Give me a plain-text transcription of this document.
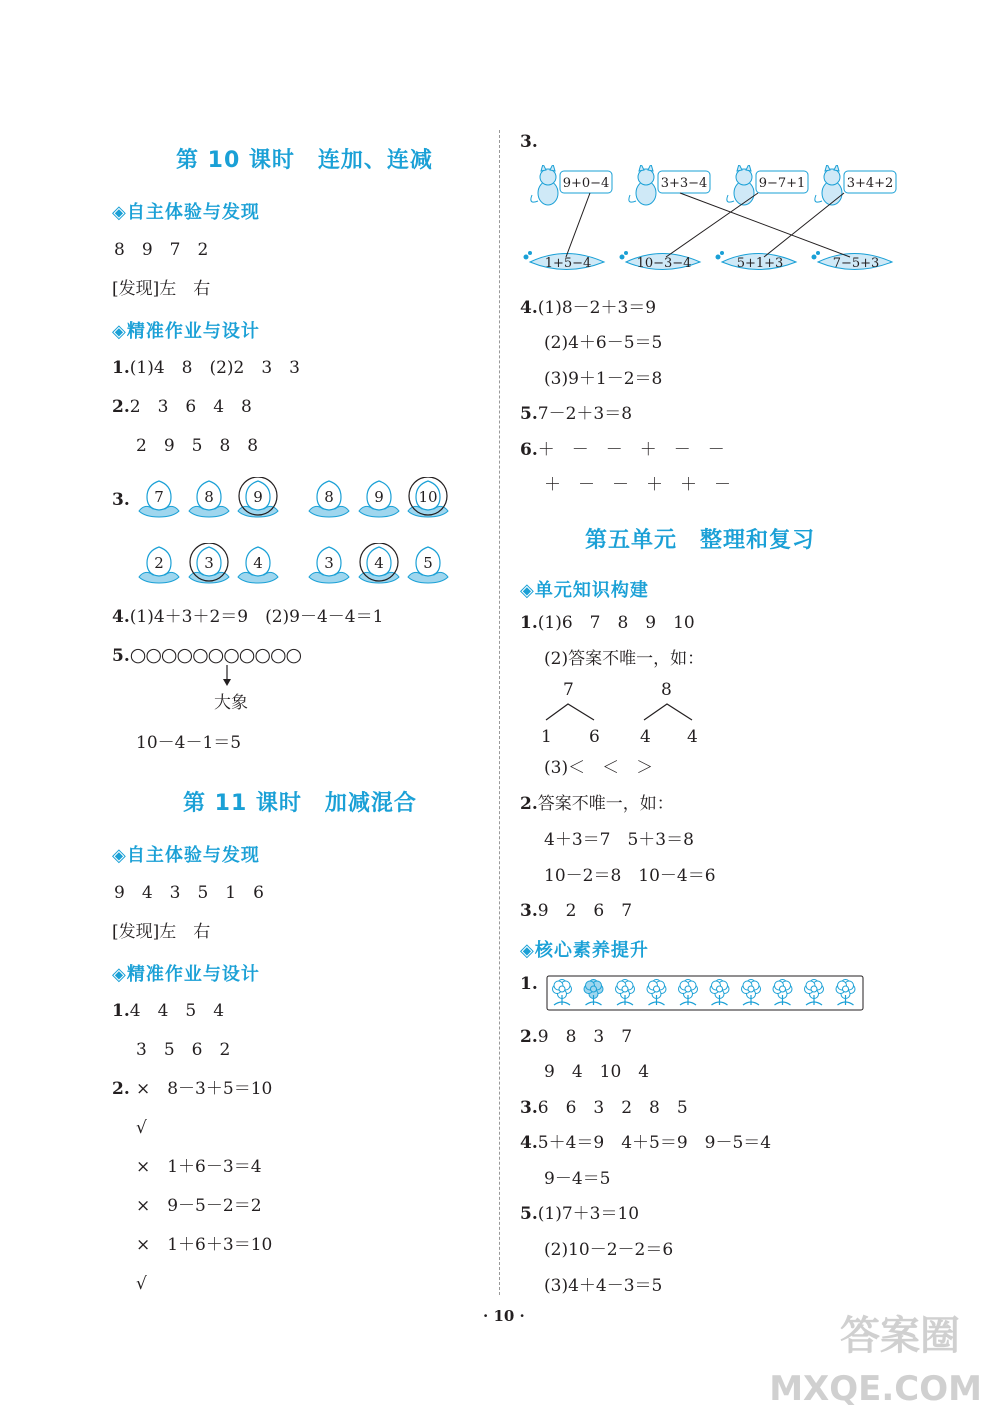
第 10 课时　连加、连减
◈自主体验与发现
8　9　7　2
[发现]左　右
◈精准作业与设计
1.(1)4　8　(2)2　3　3
2.2　3　6　4　8
2　9　5　8　8
3. 7	8	9	8	9 10
2	3	4	3	4	5
4.(1)4＋3＋2＝9　(2)9－4－4＝1
5.○○○○○○○○○○○
大象
10－4－1＝5
第 11 课时　加减混合
◈自主体验与发现
9　4　3　5　1　6
[发现]左　右
◈精准作业与设计
1.4　4　5　4
3　5　6　2
2. ×　8－3＋5＝10
√
×　1＋6－3＝4
×　9－5－2＝2
×　1＋6＋3＝10
√
3.
9+0−4	3+3−4	9−7+1	3+4+2
1+5−4	10−3−4	5+1+3	7−5+3
4.(1)8－2＋3＝9
(2)4＋6－5＝5
(3)9＋1－2＝8
5.7－2＋3＝8
6.＋　－　－　＋　－　－
＋　－　－　＋　＋　－
第五单元　整理和复习
◈单元知识构建
1.(1)6　7　8　9　10
(2)答案不唯一，如：
7	8
1 6 4 4
(3)＜　＜　＞
2.答案不唯一，如：
4＋3＝7　5＋3＝8
10－2＝8　10－4＝6
3.9　2　6　7
◈核心素养提升
1.
2.9　8　3　7
9　4　10　4
3.6　6　3　2　8　5
4.5＋4＝9　4＋5＝9　9－5＝4
9－4＝5
5.(1)7＋3＝10
(2)10－2－2＝6
(3)4＋4－3＝5
· 10 ·	答案圈
MXQE.COM
